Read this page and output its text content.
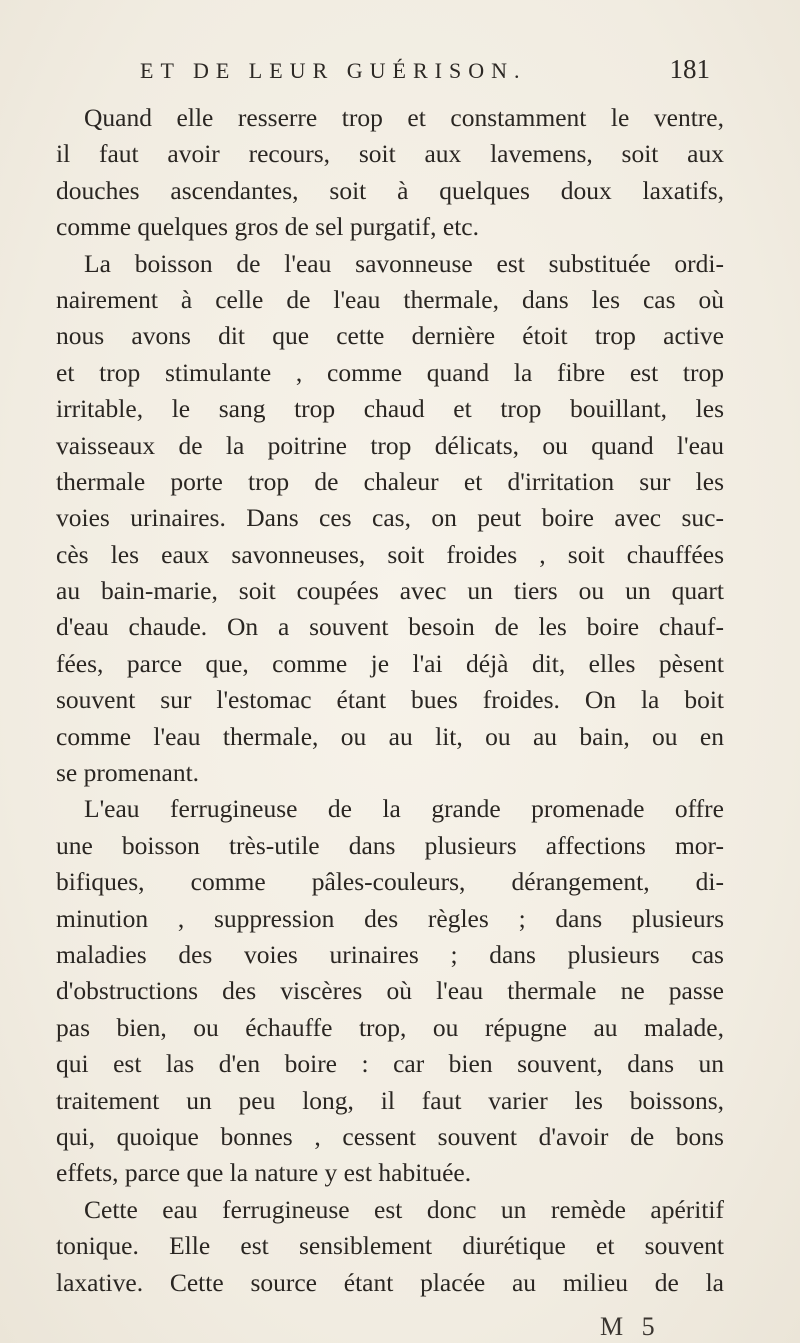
ET DE LEUR GUÉRISON.	181
Quand elle resserre trop et constamment le ventre,
il faut avoir recours, soit aux lavemens, soit aux
douches ascendantes, soit à quelques doux laxatifs,
comme quelques gros de sel purgatif, etc.
La boisson de l'eau savonneuse est substituée ordi-
nairement à celle de l'eau thermale, dans les cas où
nous avons dit que cette dernière étoit trop active
et trop stimulante , comme quand la fibre est trop
irritable, le sang trop chaud et trop bouillant, les
vaisseaux de la poitrine trop délicats, ou quand l'eau
thermale porte trop de chaleur et d'irritation sur les
voies urinaires. Dans ces cas, on peut boire avec suc-
cès les eaux savonneuses, soit froides , soit chauffées
au bain-marie, soit coupées avec un tiers ou un quart
d'eau chaude. On a souvent besoin de les boire chauf-
fées, parce que, comme je l'ai déjà dit, elles pèsent
souvent sur l'estomac étant bues froides. On la boit
comme l'eau thermale, ou au lit, ou au bain, ou en
se promenant.
L'eau ferrugineuse de la grande promenade offre
une boisson très-utile dans plusieurs affections mor-
bifiques, comme pâles-couleurs, dérangement, di-
minution , suppression des règles ; dans plusieurs
maladies des voies urinaires ; dans plusieurs cas
d'obstructions des viscères où l'eau thermale ne passe
pas bien, ou échauffe trop, ou répugne au malade,
qui est las d'en boire : car bien souvent, dans un
traitement un peu long, il faut varier les boissons,
qui, quoique bonnes , cessent souvent d'avoir de bons
effets, parce que la nature y est habituée.
Cette eau ferrugineuse est donc un remède apéritif
tonique. Elle est sensiblement diurétique et souvent
laxative. Cette source étant placée au milieu de la
M 5
